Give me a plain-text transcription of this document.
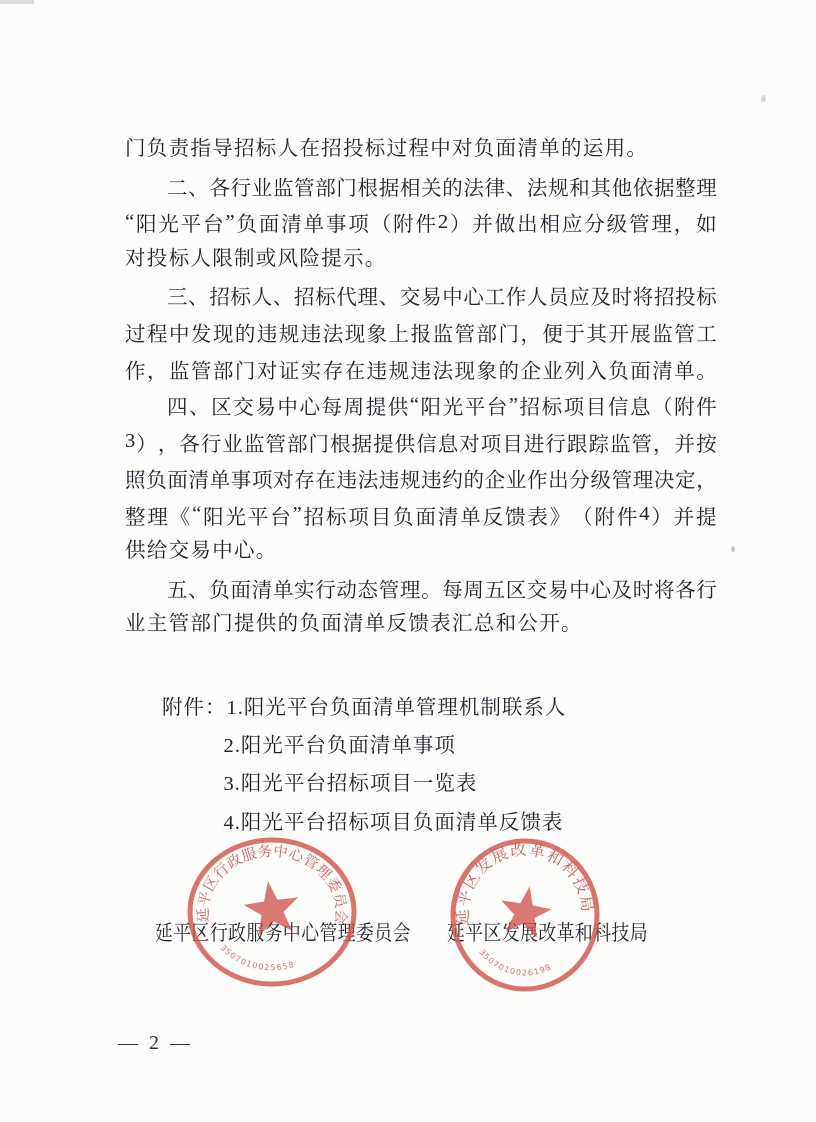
门负责指导招标人在招投标过程中对负面清单的运用。
二 、 各 行 业 监 管 部 门 根 据 相 关 的 法 律 、 法 规 和 其 他 依 据 整 理
“ 阳 光 平 台 ” 负 面 清 单 事 项 （ 附 件 2 ） 并 做 出 相 应 分 级 管 理 ， 如
对投标人限制或风险提示。
三 、 招 标 人 、 招 标 代 理 、 交 易 中 心 工 作 人 员 应 及 时 将 招 投 标
过 程 中 发 现 的 违 规 违 法 现 象 上 报 监 管 部 门 ， 便 于 其 开 展 监 管 工
作 ， 监 管 部 门 对 证 实 存 在 违 规 违 法 现 象 的 企 业 列 入 负 面 清 单 。
四 、 区 交 易 中 心 每 周 提 供 “ 阳 光 平 台 ” 招 标 项 目 信 息 （ 附 件
3 ） ， 各 行 业 监 管 部 门 根 据 提 供 信 息 对 项 目 进 行 跟 踪 监 管 ， 并 按
照 负 面 清 单 事 项 对 存 在 违 法 违 规 违 约 的 企 业 作 出 分 级 管 理 决 定 ，
整 理 《 “ 阳 光 平 台 ” 招 标 项 目 负 面 清 单 反 馈 表 》 （ 附 件 4 ） 并 提
供给交易中心。
五 、 负 面 清 单 实 行 动 态 管 理 。 每 周 五 区 交 易 中 心 及 时 将 各 行
业主管部门提供的负面清单反馈表汇总和公开。
附件：1.阳光平台负面清单管理机制联系人
2.阳光平台负面清单事项
3.阳光平台招标项目一览表
4.阳光平台招标项目负面清单反馈表
延平区行政服务中心管理委员会
3507010025658
延平区发展改革和科技局
3507010026198
延平区行政服务中心管理委员会 延平区发展改革和科技局
— 2 —
